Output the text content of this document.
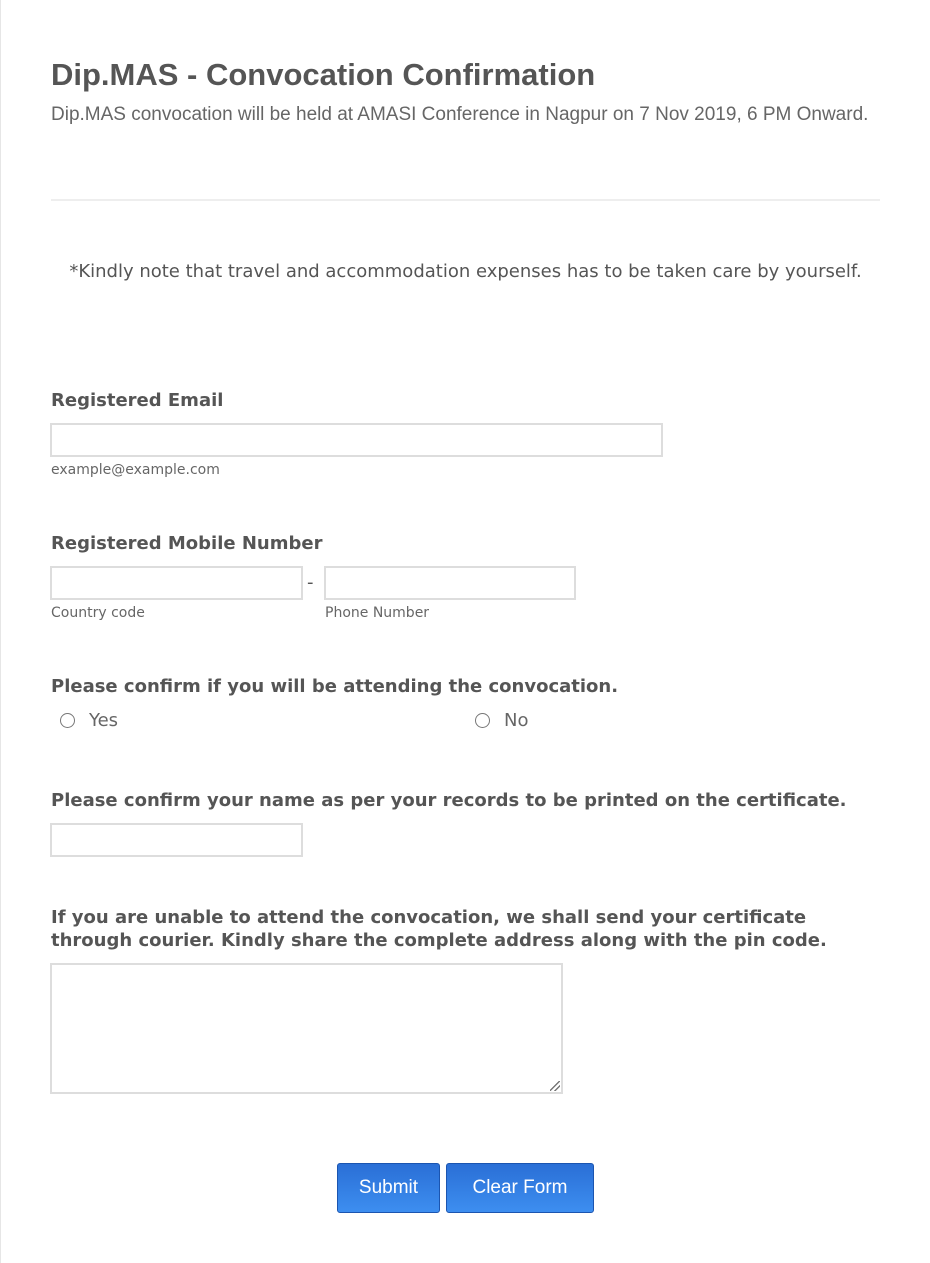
Dip.MAS - Convocation Confirmation
Dip.MAS convocation will be held at AMASI Conference in Nagpur on 7 Nov 2019, 6 PM Onward.
*Kindly note that travel and accommodation expenses has to be taken care by yourself.
Registered Email
example@example.com
Registered Mobile Number
-
Country code	Phone Number
Please confirm if you will be attending the convocation.
Yes	No
Please confirm your name as per your records to be printed on the certificate.
If you are unable to attend the convocation, we shall send your certificate through courier. Kindly share the complete address along with the pin code.
Submit	Clear Form
